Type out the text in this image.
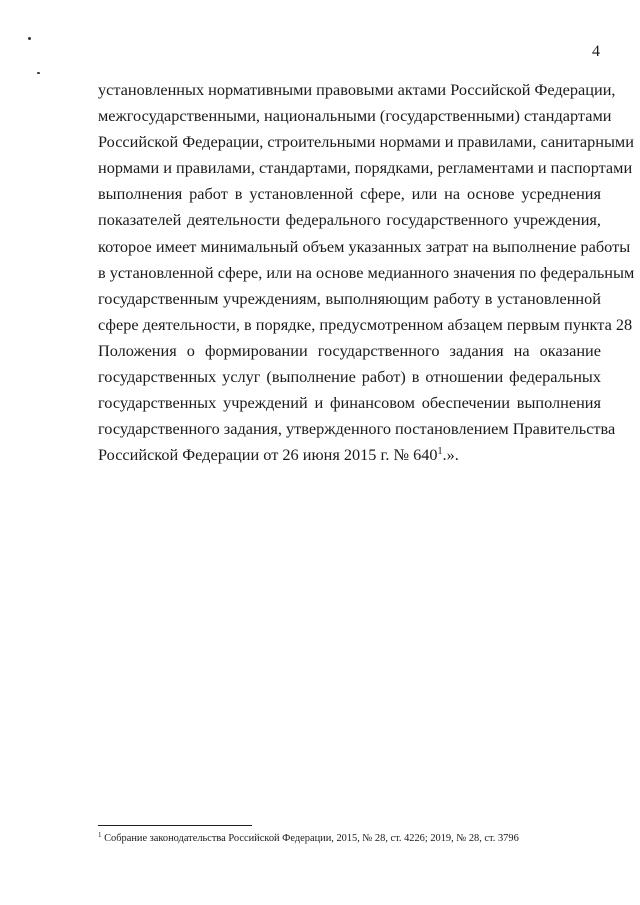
4
установленных нормативными правовыми актами Российской Федерации,
межгосударственными, национальными (государственными) стандартами
Российской Федерации, строительными нормами и правилами, санитарными
нормами и правилами, стандартами, порядками, регламентами и паспортами
выполнения работ в установленной сфере, или на основе усреднения
показателей деятельности федерального государственного учреждения,
которое имеет минимальный объем указанных затрат на выполнение работы
в установленной сфере, или на основе медианного значения по федеральным
государственным учреждениям, выполняющим работу в установленной
сфере деятельности, в порядке, предусмотренном абзацем первым пункта 28
Положения о формировании государственного задания на оказание
государственных услуг (выполнение работ) в отношении федеральных
государственных учреждений и финансовом обеспечении выполнения
государственного задания, утвержденного постановлением Правительства
Российской Федерации от 26 июня 2015 г. № 640$^1$.».
$^1$ Собрание законодательства Российской Федерации, 2015, № 28, ст. 4226; 2019, № 28, ст. 3796
